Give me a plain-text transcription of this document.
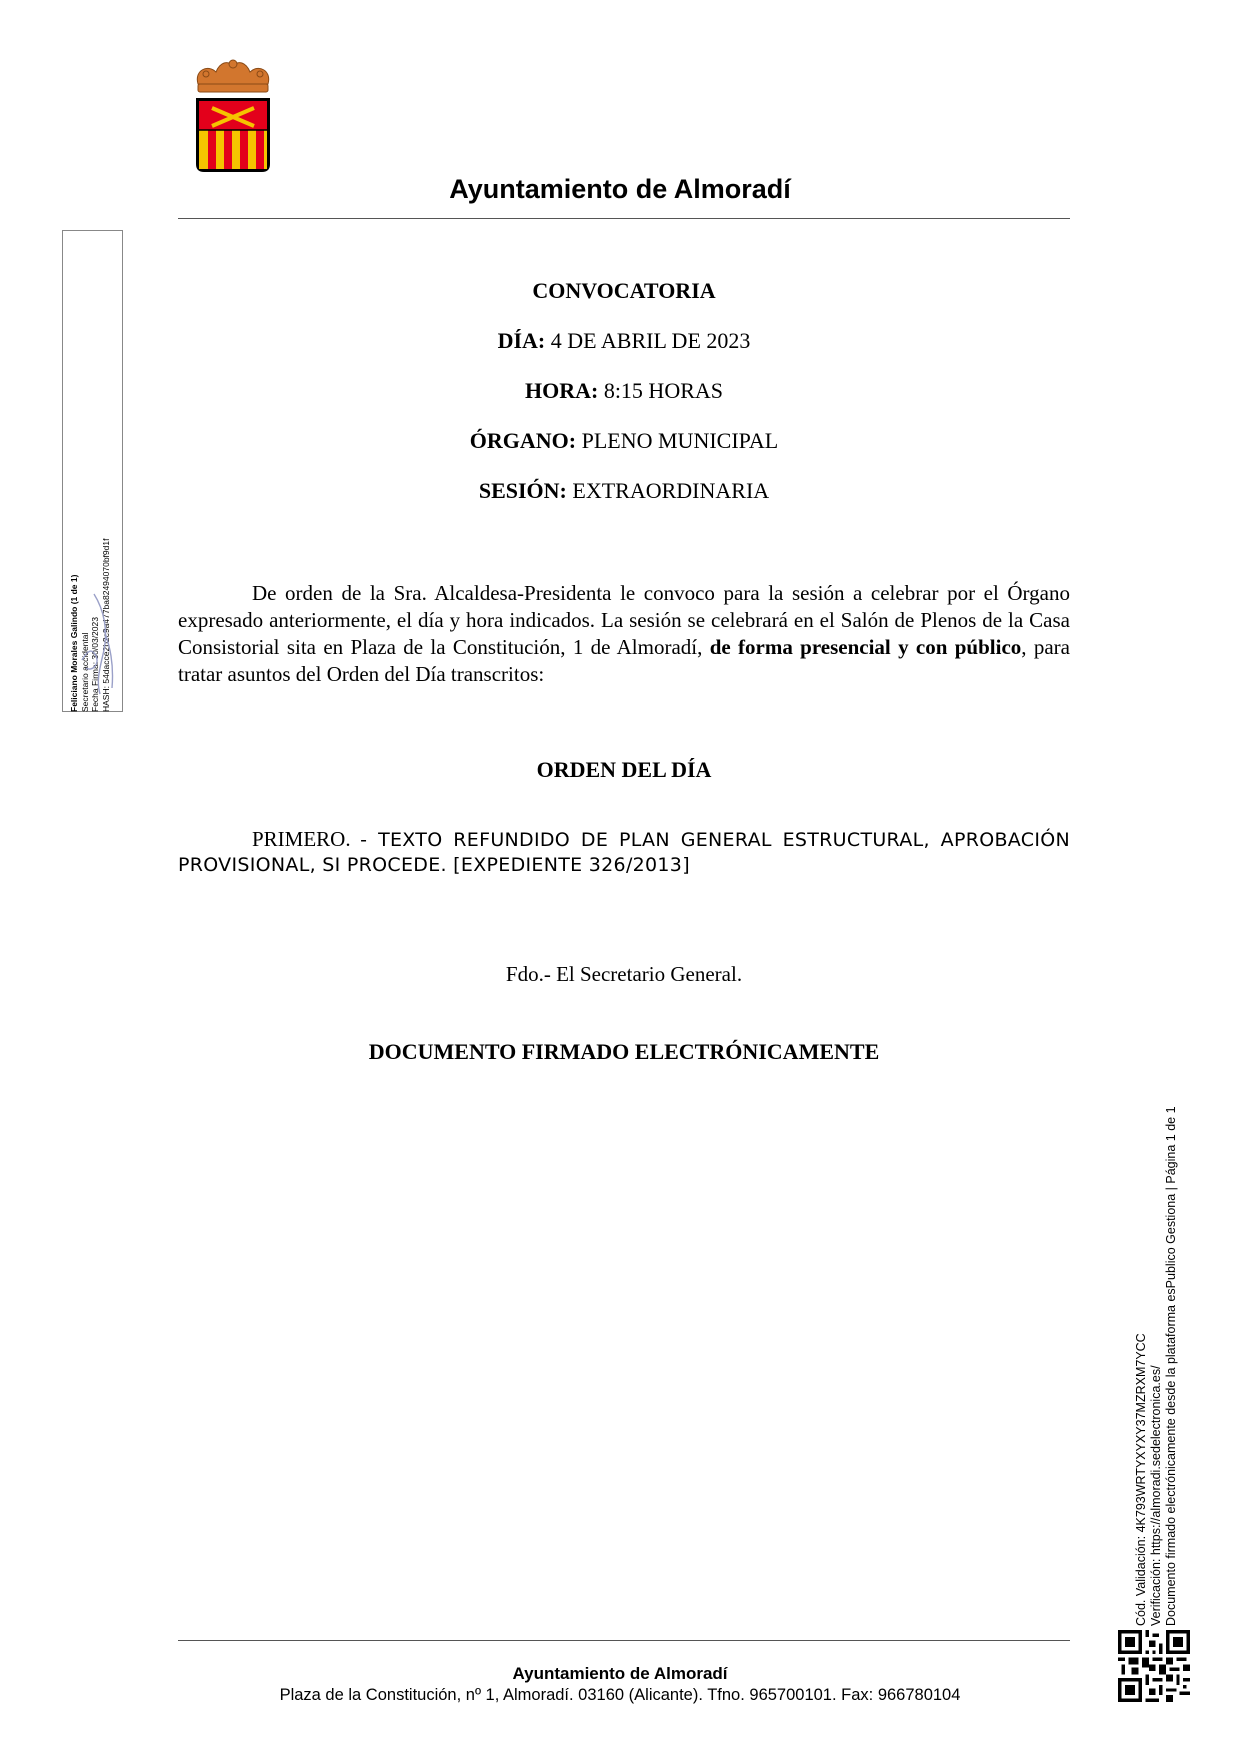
Ayuntamiento de Almoradí
Feliciano Morales Galindo (1 de 1) Secretario accidental Fecha Firma: 30/03/2023 HASH: 54dacce2b2c9a477ba82494070bf9d1f
CONVOCATORIA
DÍA: 4 DE ABRIL DE 2023
HORA: 8:15 HORAS
ÓRGANO: PLENO MUNICIPAL
SESIÓN: EXTRAORDINARIA
De orden de la Sra. Alcaldesa-Presidenta le convoco para la sesión a celebrar por el Órgano expresado anteriormente, el día y hora indicados. La sesión se celebrará en el Salón de Plenos de la Casa Consistorial sita en Plaza de la Constitución, 1 de Almoradí, de forma presencial y con público, para tratar asuntos del Orden del Día transcritos:
ORDEN DEL DÍA
PRIMERO. - TEXTO REFUNDIDO DE PLAN GENERAL ESTRUCTURAL, APROBACIÓN PROVISIONAL, SI PROCEDE. [EXPEDIENTE 326/2013]
Fdo.- El Secretario General.
DOCUMENTO FIRMADO ELECTRÓNICAMENTE
Cód. Validación: 4K793WRTYXYXY37MZRXM7YCC Verificación: https://almoradi.sedelectronica.es/ Documento firmado electrónicamente desde la plataforma esPublico Gestiona | Página 1 de 1
Ayuntamiento de Almoradí
Plaza de la Constitución, nº 1, Almoradí. 03160 (Alicante). Tfno. 965700101. Fax: 966780104
